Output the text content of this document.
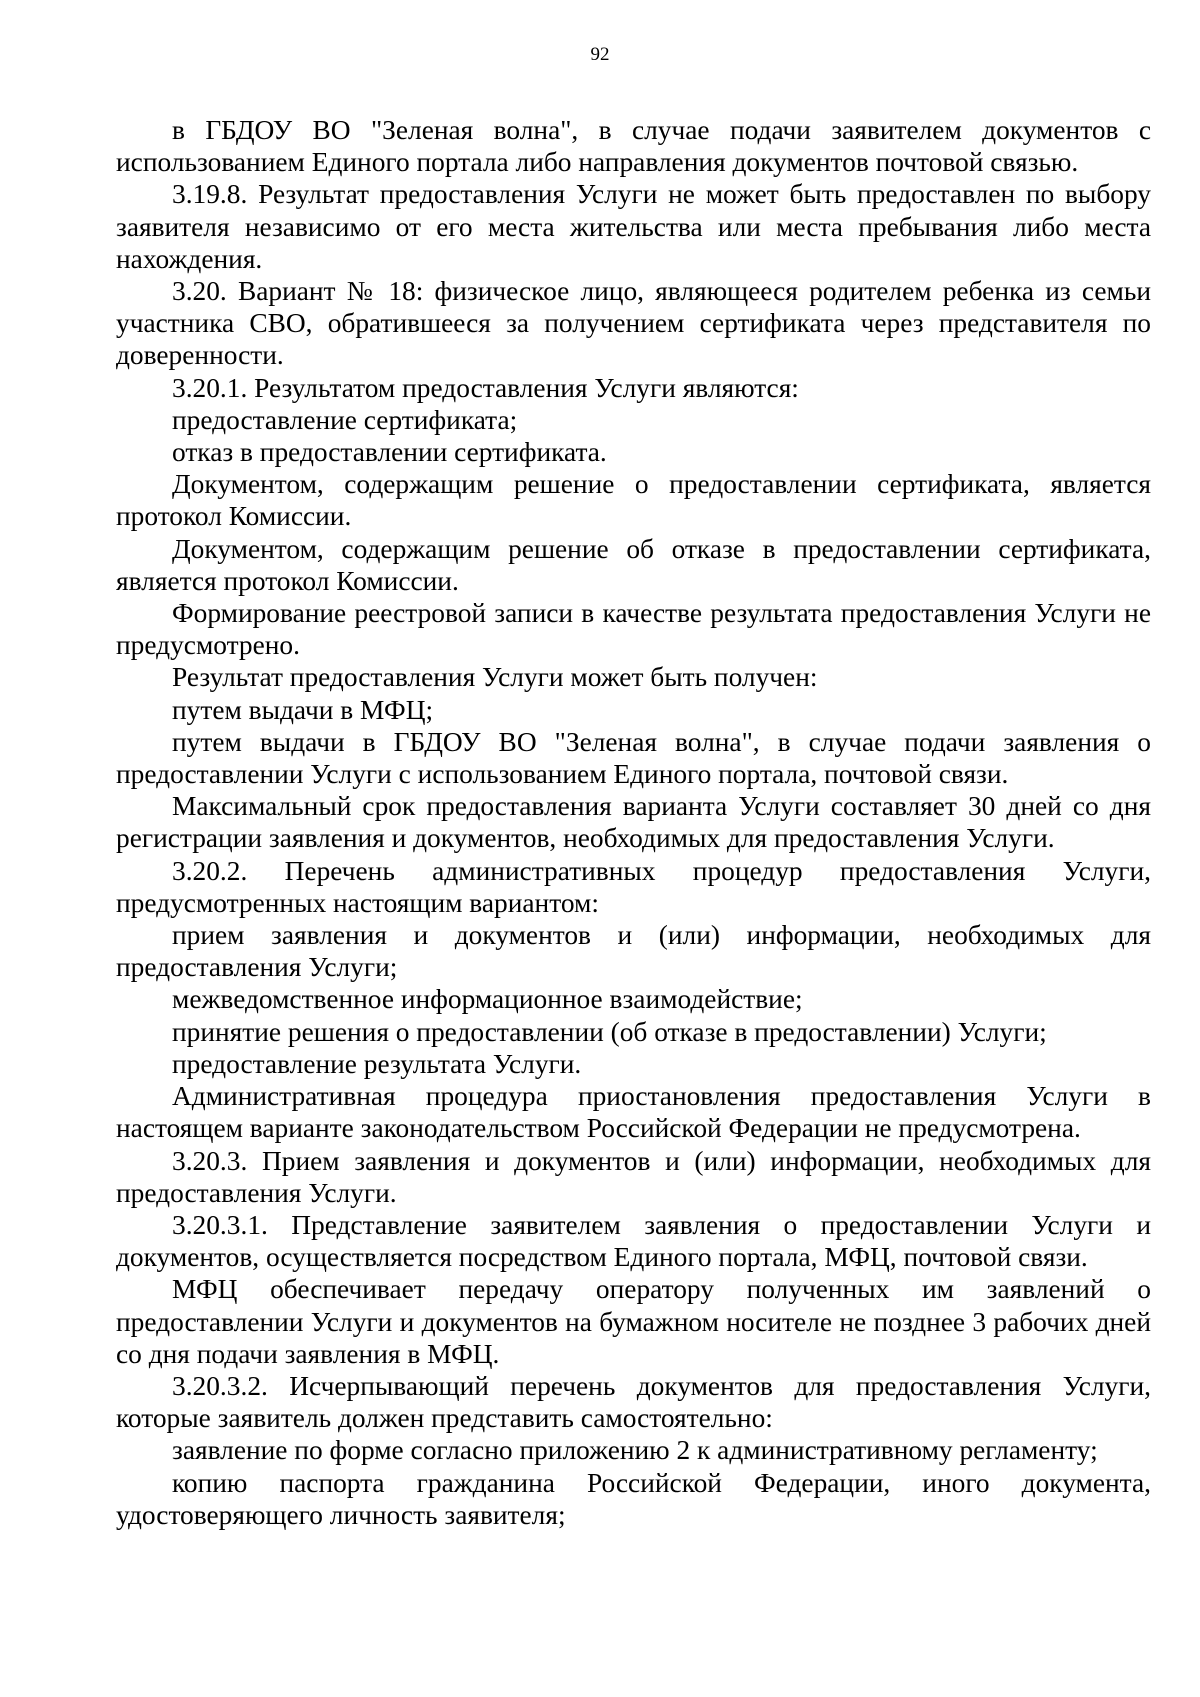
92

в ГБДОУ ВО "Зеленая волна", в случае подачи заявителем документов с использованием Единого портала либо направления документов почтовой связью.

3.19.8. Результат предоставления Услуги не может быть предоставлен по выбору заявителя независимо от его места жительства или места пребывания либо места нахождения.

3.20. Вариант № 18: физическое лицо, являющееся родителем ребенка из семьи участника СВО, обратившееся за получением сертификата через представителя по доверенности.

3.20.1. Результатом предоставления Услуги являются:

предоставление сертификата;

отказ в предоставлении сертификата.

Документом, содержащим решение о предоставлении сертификата, является протокол Комиссии.

Документом, содержащим решение об отказе в предоставлении сертификата, является протокол Комиссии.

Формирование реестровой записи в качестве результата предоставления Услуги не предусмотрено.

Результат предоставления Услуги может быть получен:

путем выдачи в МФЦ;

путем выдачи в ГБДОУ ВО "Зеленая волна", в случае подачи заявления о предоставлении Услуги с использованием Единого портала, почтовой связи.

Максимальный срок предоставления варианта Услуги составляет 30 дней со дня регистрации заявления и документов, необходимых для предоставления Услуги.

3.20.2. Перечень административных процедур предоставления Услуги, предусмотренных настоящим вариантом:

прием заявления и документов и (или) информации, необходимых для предоставления Услуги;

межведомственное информационное взаимодействие;

принятие решения о предоставлении (об отказе в предоставлении) Услуги;

предоставление результата Услуги.

Административная процедура приостановления предоставления Услуги в настоящем варианте законодательством Российской Федерации не предусмотрена.

3.20.3. Прием заявления и документов и (или) информации, необходимых для предоставления Услуги.

3.20.3.1. Представление заявителем заявления о предоставлении Услуги и документов, осуществляется посредством Единого портала, МФЦ, почтовой связи.

МФЦ обеспечивает передачу оператору полученных им заявлений о предоставлении Услуги и документов на бумажном носителе не позднее 3 рабочих дней со дня подачи заявления в МФЦ.

3.20.3.2. Исчерпывающий перечень документов для предоставления Услуги, которые заявитель должен представить самостоятельно:

заявление по форме согласно приложению 2 к административному регламенту;

копию паспорта гражданина Российской Федерации, иного документа, удостоверяющего личность заявителя;
